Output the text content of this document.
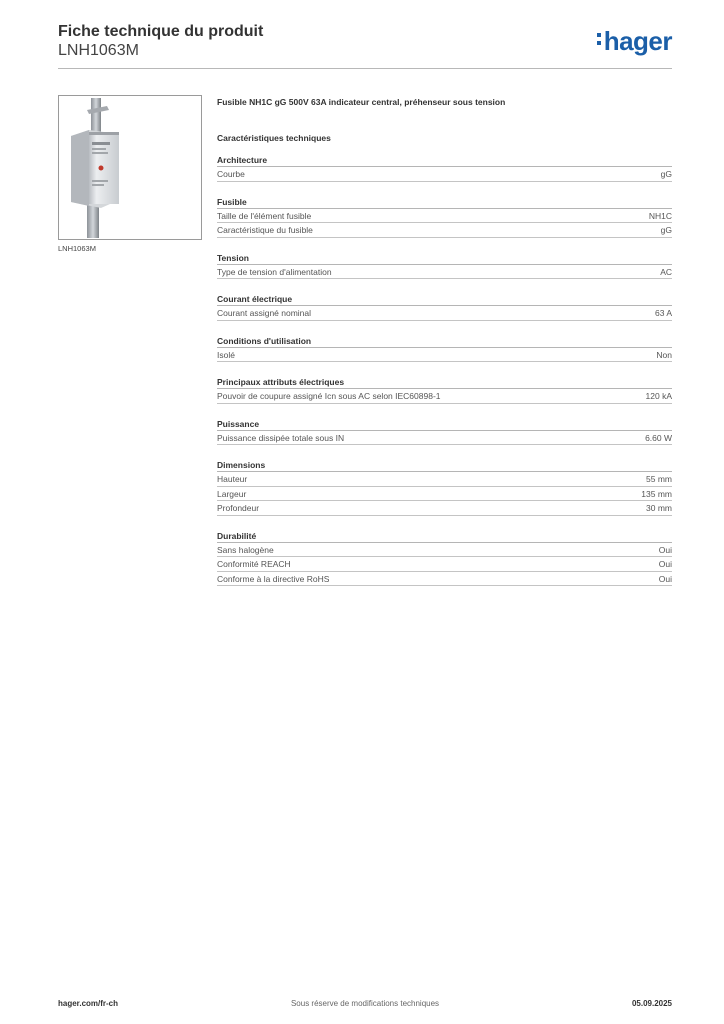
Fiche technique du produit
LNH1063M	hager
LNH1063M
Fusible NH1C gG 500V 63A indicateur central, préhenseur sous tension
Caractéristiques techniques
Architecture
Courbe	gG
Fusible
Taille de l'élément fusible	NH1C
Caractéristique du fusible	gG
Tension
Type de tension d'alimentation	AC
Courant électrique
Courant assigné nominal	63 A
Conditions d'utilisation
Isolé	Non
Principaux attributs électriques
Pouvoir de coupure assigné Icn sous AC selon IEC60898-1	120 kA
Puissance
Puissance dissipée totale sous IN	6.60 W
Dimensions
Hauteur	55 mm
Largeur	135 mm
Profondeur	30 mm
Durabilité
Sans halogène	Oui
Conformité REACH	Oui
Conforme à la directive RoHS	Oui
Sous réserve de modifications techniques
hager.com/fr-ch	05.09.2025
